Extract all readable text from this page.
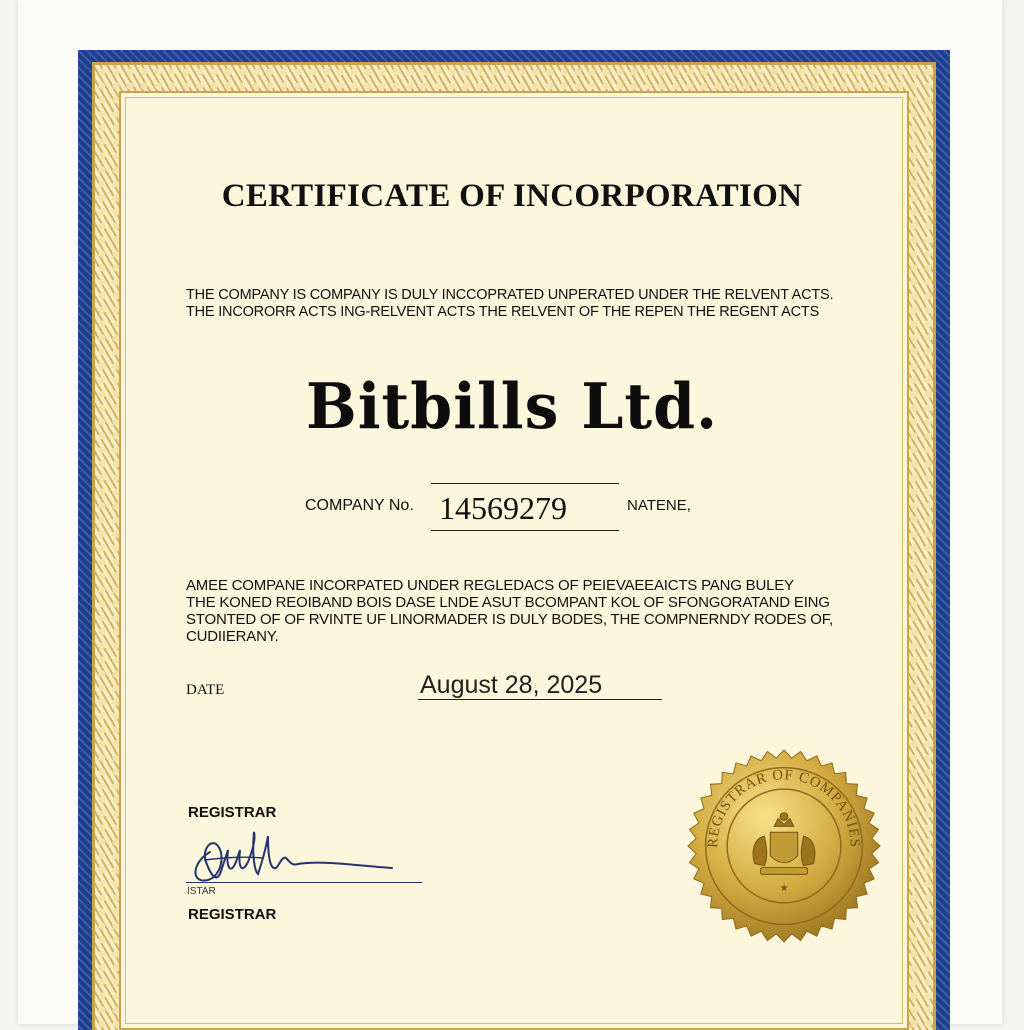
CERTIFICATE OF INCORPORATION
THE COMPANY IS COMPANY IS DULY INCCOPRATED UNPERATED UNDER THE RELVENT ACTS.
THE INCORORR ACTS ING-RELVENT ACTS THE RELVENT OF THE REPEN THE REGENT ACTS
Bitbills Ltd.
COMPANY No. 14569279	NATENE,
AMEE COMPANE INCORPATED UNDER REGLEDACS OF PEIEVAEEAICTS PANG BULEY
THE KONED REOIBAND BOIS DASE LNDE ASUT BCOMPANT KOL OF SFONGORATAND EING
STONTED OF OF RVINTE UF LINORMADER IS DULY BODES, THE COMPNERNDY RODES OF,
CUDIIERANY.
DATE	August 28, 2025
REGISTRAR
ISTAR
REGISTRAR
REGISTRAR OF COMPANIES
★
